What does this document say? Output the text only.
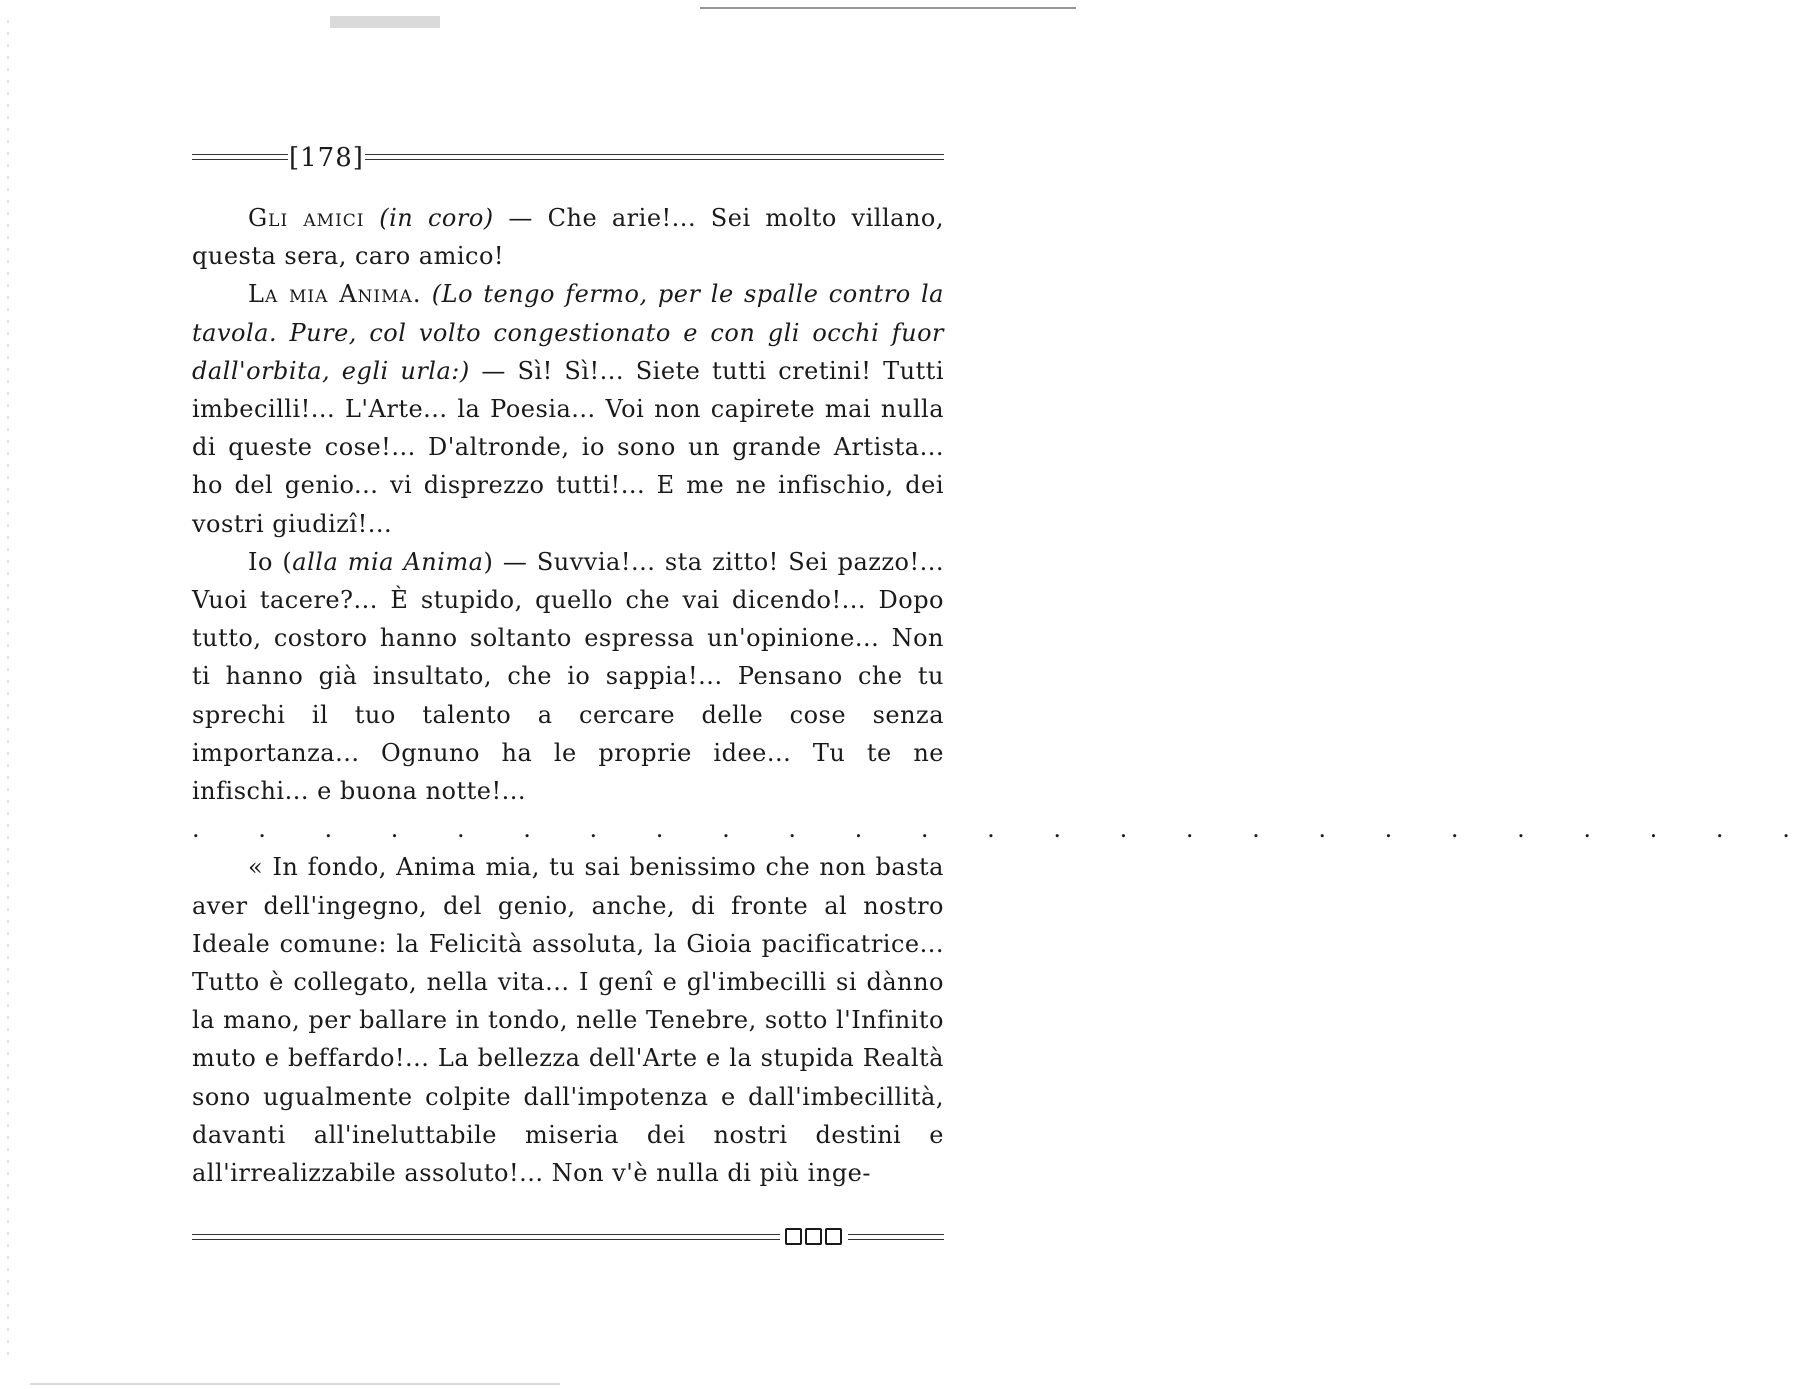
[178]

Gli amici (in coro) — Che arie!... Sei molto villano, questa sera, caro amico!

La mia Anima. (Lo tengo fermo, per le spalle contro la tavola. Pure, col volto congestionato e con gli occhi fuor dall'orbita, egli urla:) — Sì! Sì!... Siete tutti cretini! Tutti imbecilli!... L'Arte... la Poesia... Voi non capirete mai nulla di queste cose!... D'altronde, io sono un grande Artista... ho del genio... vi disprezzo tutti!... E me ne infischio, dei vostri giudizî!...

Io (alla mia Anima) — Suvvia!... sta zitto! Sei pazzo!... Vuoi tacere?... È stupido, quello che vai dicendo!... Dopo tutto, costoro hanno soltanto espressa un'opinione... Non ti hanno già insultato, che io sappia!... Pensano che tu sprechi il tuo talento a cercare delle cose senza importanza... Ognuno ha le proprie idee... Tu te ne infischi... e buona notte!...

. . . . . . . . . . . . . . . . . . . . . . . . .

« In fondo, Anima mia, tu sai benissimo che non basta aver dell'ingegno, del genio, anche, di fronte al nostro Ideale comune: la Felicità assoluta, la Gioia pacificatrice... Tutto è collegato, nella vita... I genî e gl'imbecilli si dànno la mano, per ballare in tondo, nelle Tenebre, sotto l'Infinito muto e beffardo!... La bellezza dell'Arte e la stupida Realtà sono ugualmente colpite dall'impotenza e dall'imbecillità, davanti all'ineluttabile miseria dei nostri destini e all'irrealizzabile assoluto!... Non v'è nulla di più inge-
